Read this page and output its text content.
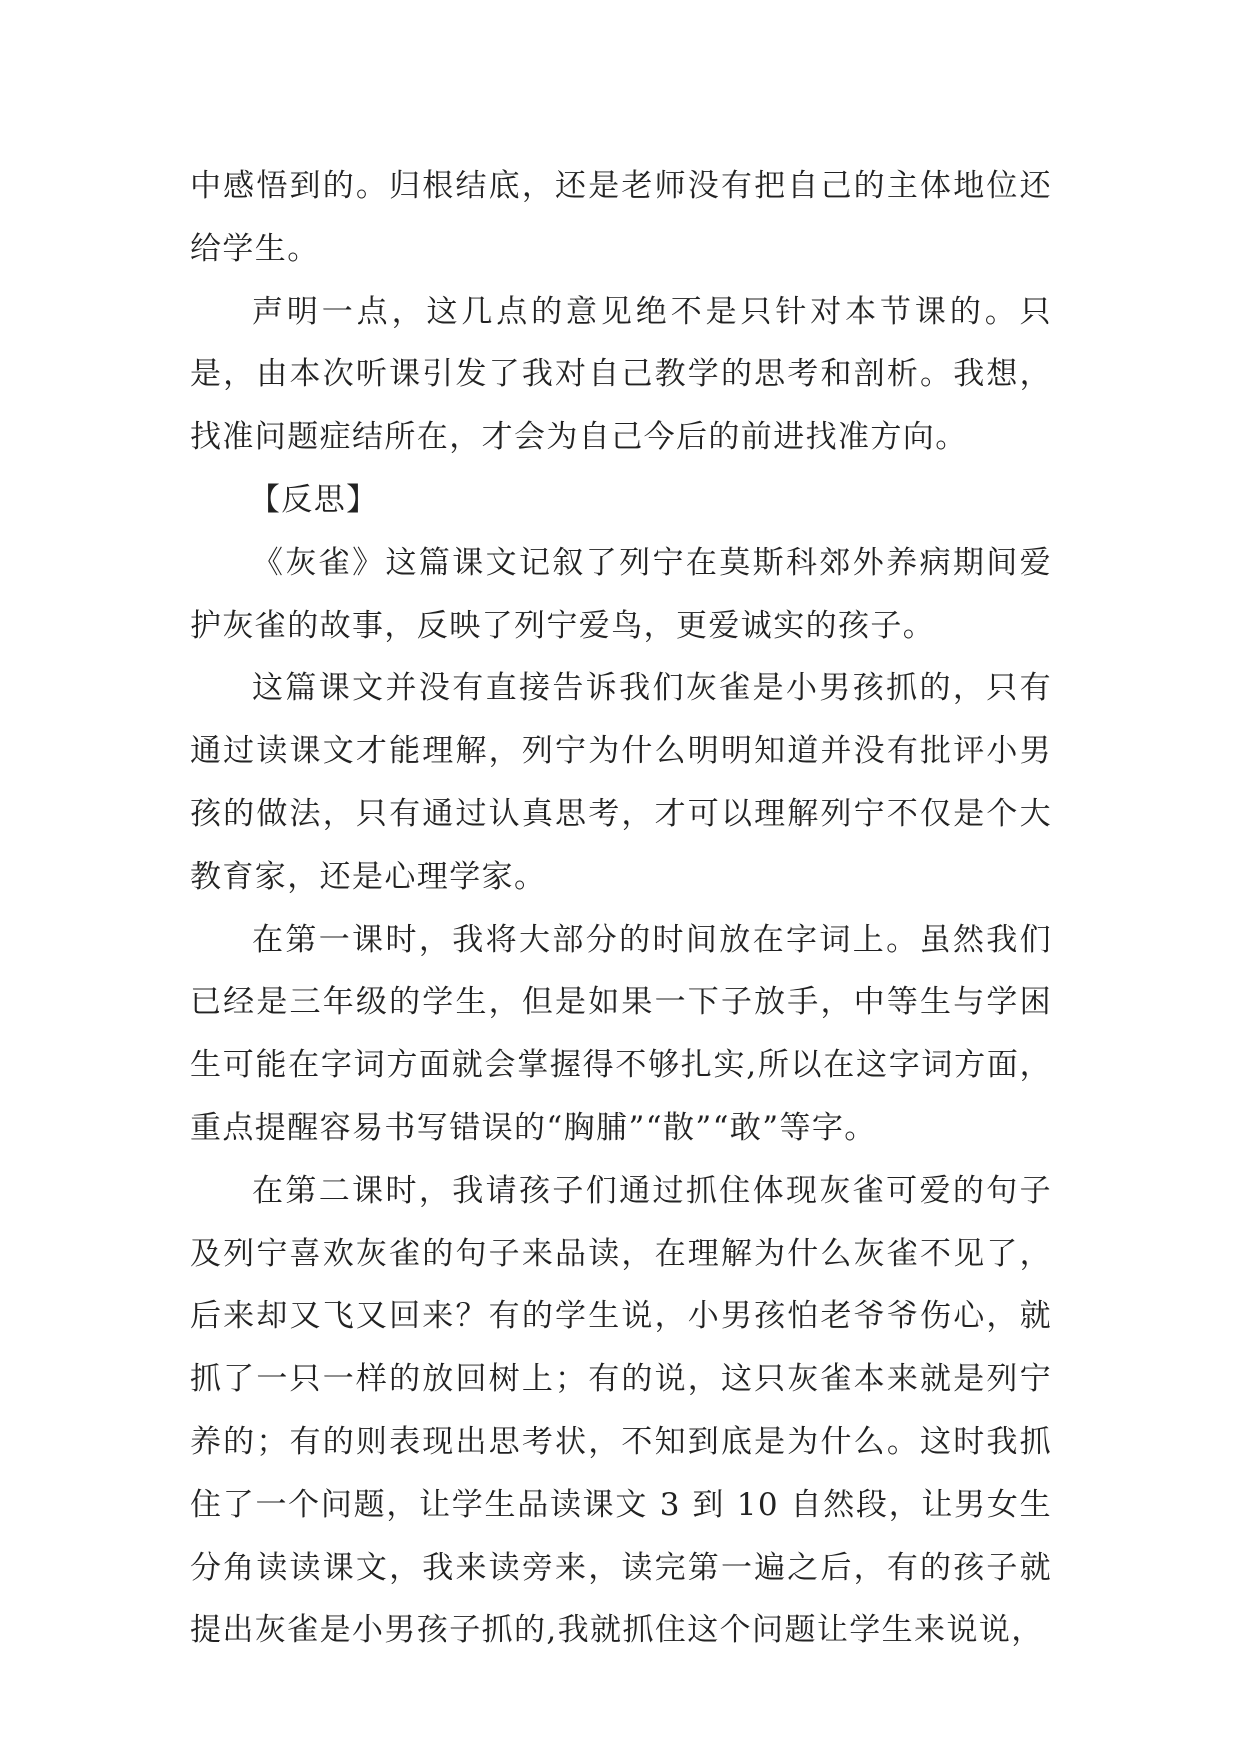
中感悟到的。归根结底，还是老师没有把自己的主体地位还给学生。

声明一点，这几点的意见绝不是只针对本节课的。只是，由本次听课引发了我对自己教学的思考和剖析。我想，找准问题症结所在，才会为自己今后的前进找准方向。

【反思】

《灰雀》这篇课文记叙了列宁在莫斯科郊外养病期间爱护灰雀的故事，反映了列宁爱鸟，更爱诚实的孩子。

这篇课文并没有直接告诉我们灰雀是小男孩抓的，只有通过读课文才能理解，列宁为什么明明知道并没有批评小男孩的做法，只有通过认真思考，才可以理解列宁不仅是个大教育家，还是心理学家。

在第一课时，我将大部分的时间放在字词上。虽然我们已经是三年级的学生，但是如果一下子放手，中等生与学困生可能在字词方面就会掌握得不够扎实,所以在这字词方面，重点提醒容易书写错误的“胸脯”“散”“敢”等字。

在第二课时，我请孩子们通过抓住体现灰雀可爱的句子及列宁喜欢灰雀的句子来品读，在理解为什么灰雀不见了，后来却又飞又回来？有的学生说，小男孩怕老爷爷伤心，就抓了一只一样的放回树上；有的说，这只灰雀本来就是列宁养的；有的则表现出思考状，不知到底是为什么。这时我抓住了一个问题，让学生品读课文 3 到 10 自然段，让男女生分角读读课文，我来读旁来，读完第一遍之后，有的孩子就提出灰雀是小男孩子抓的,我就抓住这个问题让学生来说说，
